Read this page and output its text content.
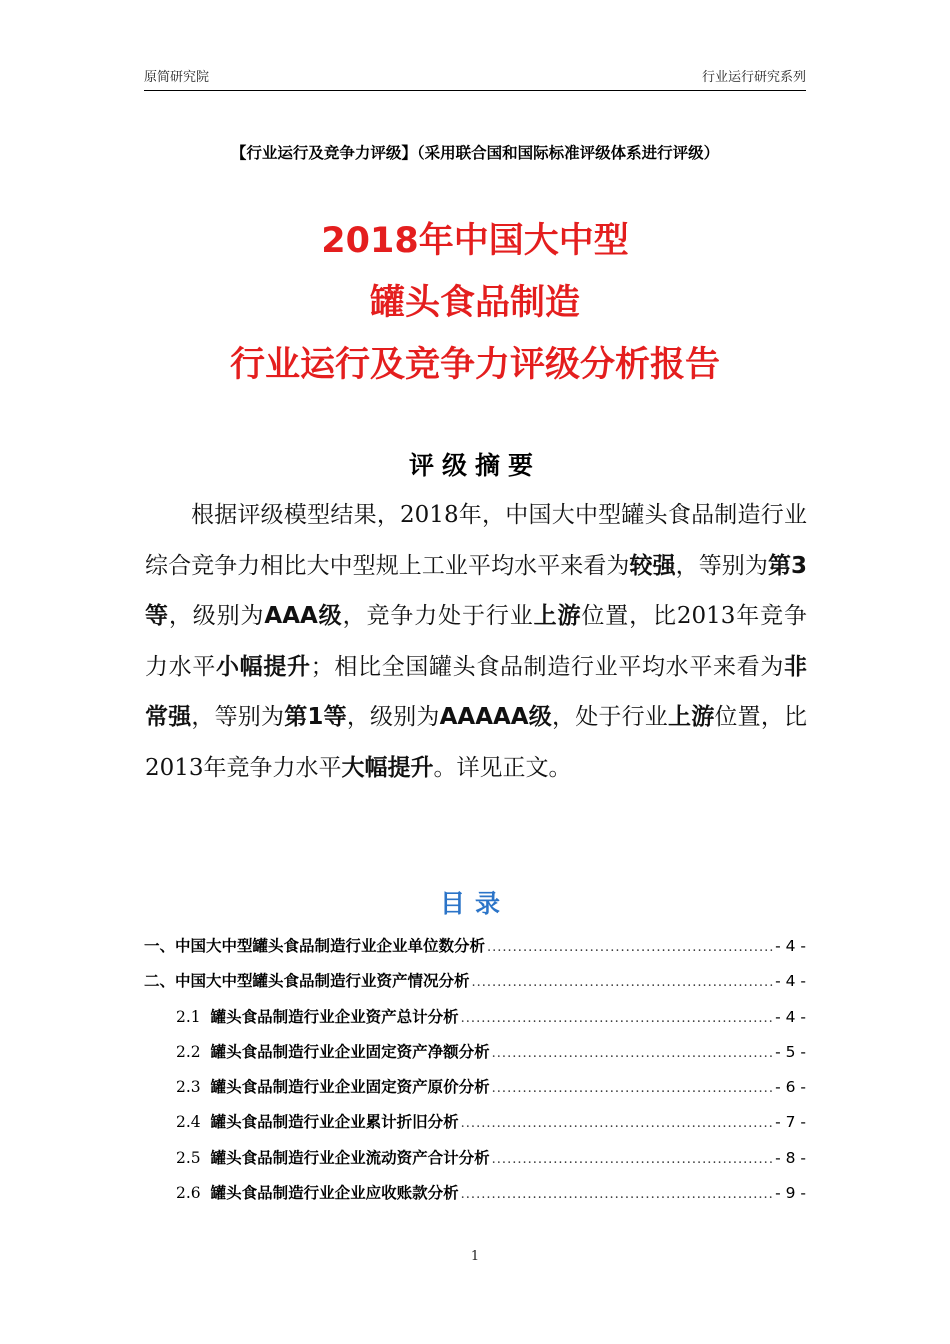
原简研究院	行业运行研究系列
【行业运行及竞争力评级】（采用联合国和国际标准评级体系进行评级）
2018年中国大中型
罐头食品制造
行业运行及竞争力评级分析报告
评级摘要
根据评级模型结果，2018年，中国大中型罐头食品制造行业综合竞争力相比大中型规上工业平均水平来看为较强，等别为第3等，级别为AAA级，竞争力处于行业上游位置，比2013年竞争力水平小幅提升；相比全国罐头食品制造行业平均水平来看为非常强，等别为第1等，级别为AAAAA级，处于行业上游位置，比2013年竞争力水平大幅提升。详见正文。
目录
一、中国大中型罐头食品制造行业企业单位数分析 .....	- 4 -
二、中国大中型罐头食品制造行业资产情况分析 .....	- 4 -
2.1 罐头食品制造行业企业资产总计分析 .....	- 4 -
2.2 罐头食品制造行业企业固定资产净额分析 .....	- 5 -
2.3 罐头食品制造行业企业固定资产原价分析 .....	- 6 -
2.4 罐头食品制造行业企业累计折旧分析 .....	- 7 -
2.5 罐头食品制造行业企业流动资产合计分析 .....	- 8 -
2.6 罐头食品制造行业企业应收账款分析 .....	- 9 -
1
